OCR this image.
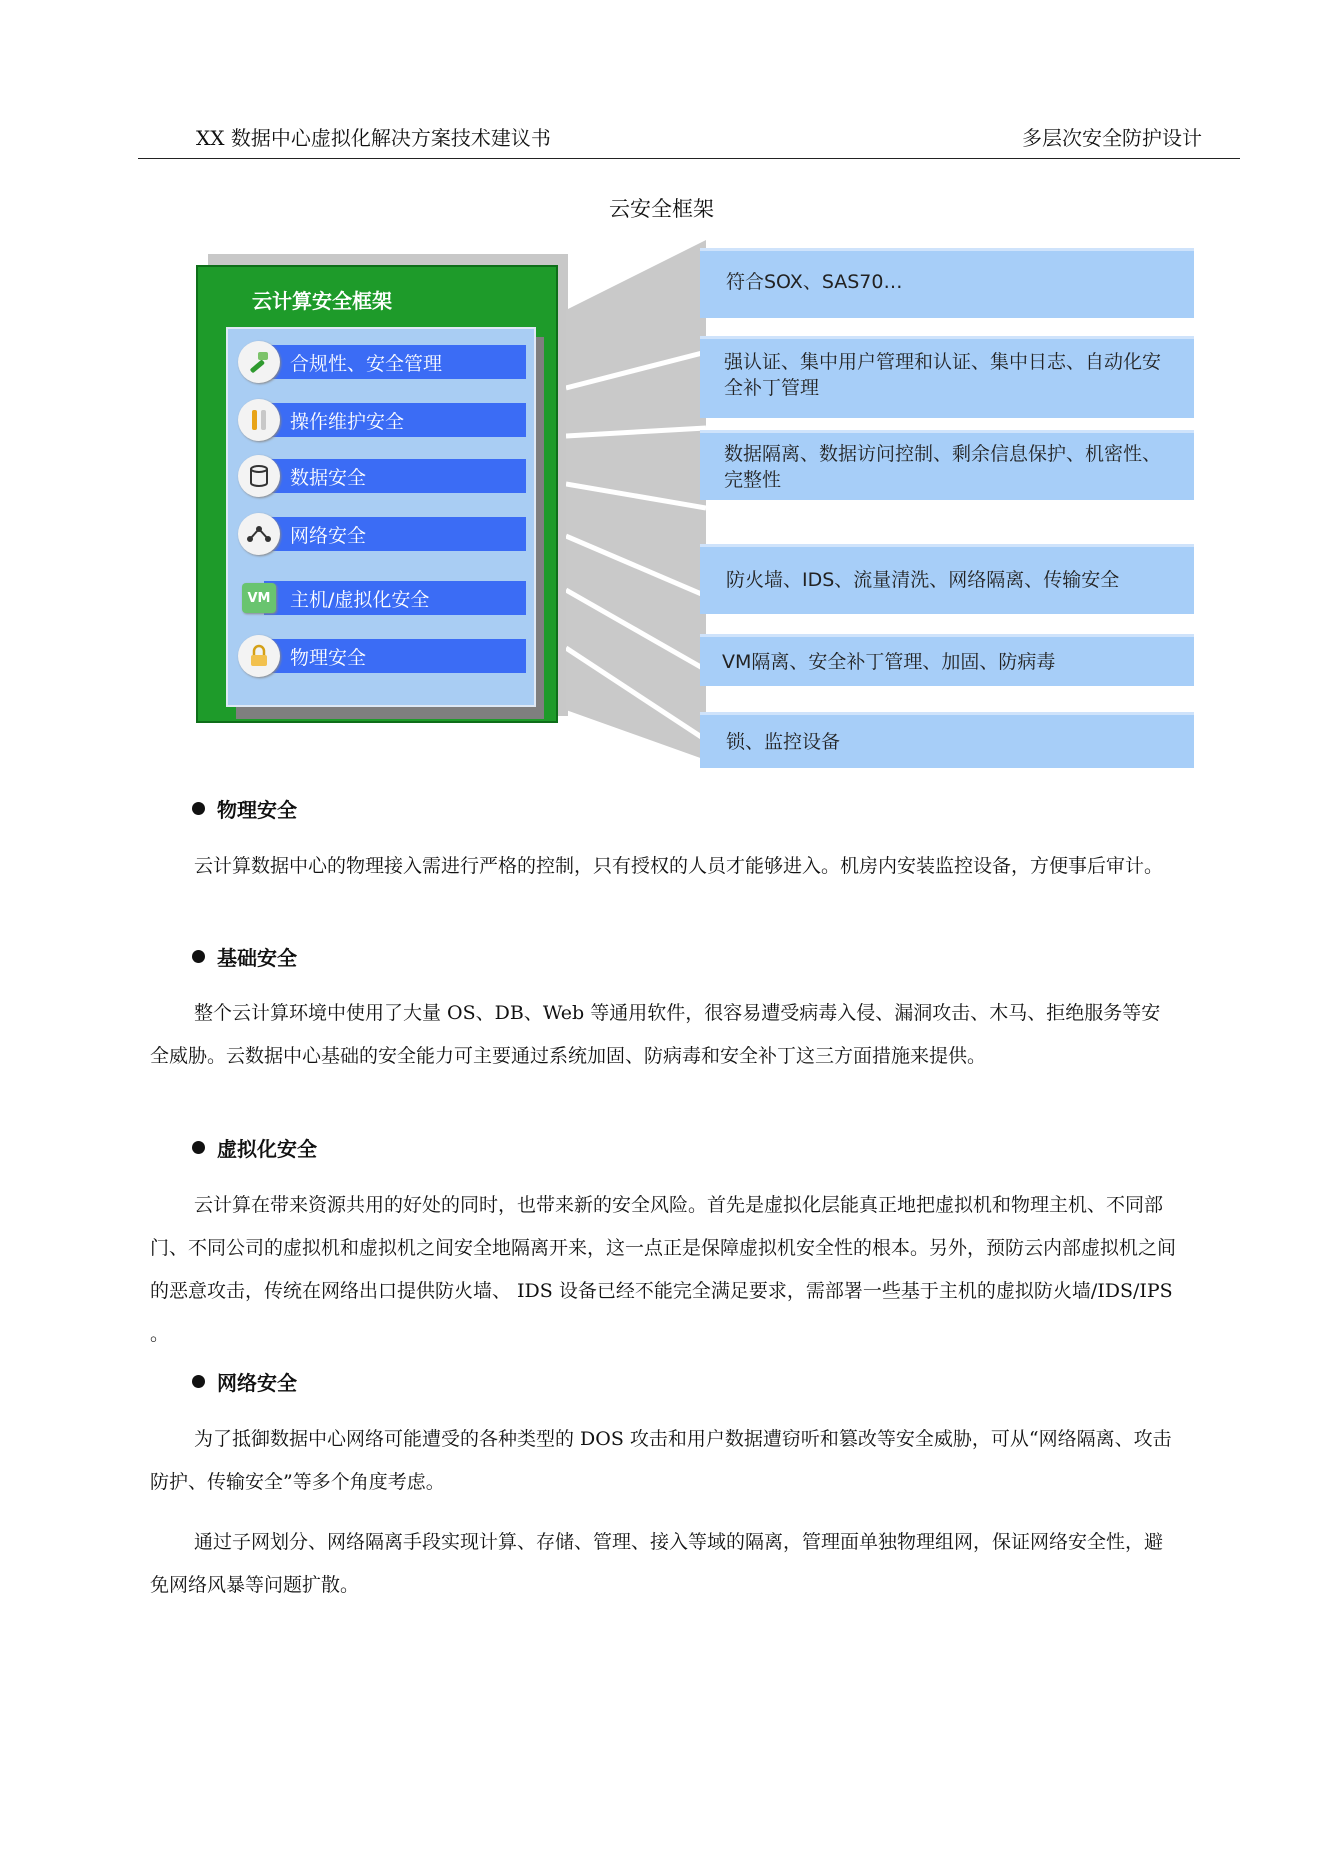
XX 数据中心虚拟化解决方案技术建议书	多层次安全防护设计
云安全框架
云计算安全框架
合规性、安全管理
操作维护安全
数据安全
网络安全
VM 主机/虚拟化安全
物理安全
符合SOX、SAS70…
强认证、集中用户管理和认证、集中日志、自动化安全补丁管理
数据隔离、数据访问控制、剩余信息保护、机密性、完整性
防火墙、IDS、流量清洗、网络隔离、传输安全
VM隔离、安全补丁管理、加固、防病毒
锁、监控设备
物理安全

云计算数据中心的物理接入需进行严格的控制，只有授权的人员才能够进入。机房内安装监控设备，方便事后审计。

基础安全

整个云计算环境中使用了大量 OS、DB、Web 等通用软件，很容易遭受病毒入侵、漏洞攻击、木马、拒绝服务等安全威胁。云数据中心基础的安全能力可主要通过系统加固、防病毒和安全补丁这三方面措施来提供。

虚拟化安全

云计算在带来资源共用的好处的同时，也带来新的安全风险。首先是虚拟化层能真正地把虚拟机和物理主机、不同部门、不同公司的虚拟机和虚拟机之间安全地隔离开来，这一点正是保障虚拟机安全性的根本。另外，预防云内部虚拟机之间的恶意攻击，传统在网络出口提供防火墙、 IDS 设备已经不能完全满足要求，需部署一些基于主机的虚拟防火墙/IDS/IPS 。

网络安全

为了抵御数据中心网络可能遭受的各种类型的 DOS 攻击和用户数据遭窃听和篡改等安全威胁，可从“网络隔离、攻击防护、传输安全”等多个角度考虑。

通过子网划分、网络隔离手段实现计算、存储、管理、接入等域的隔离，管理面单独物理组网，保证网络安全性，避免网络风暴等问题扩散。
